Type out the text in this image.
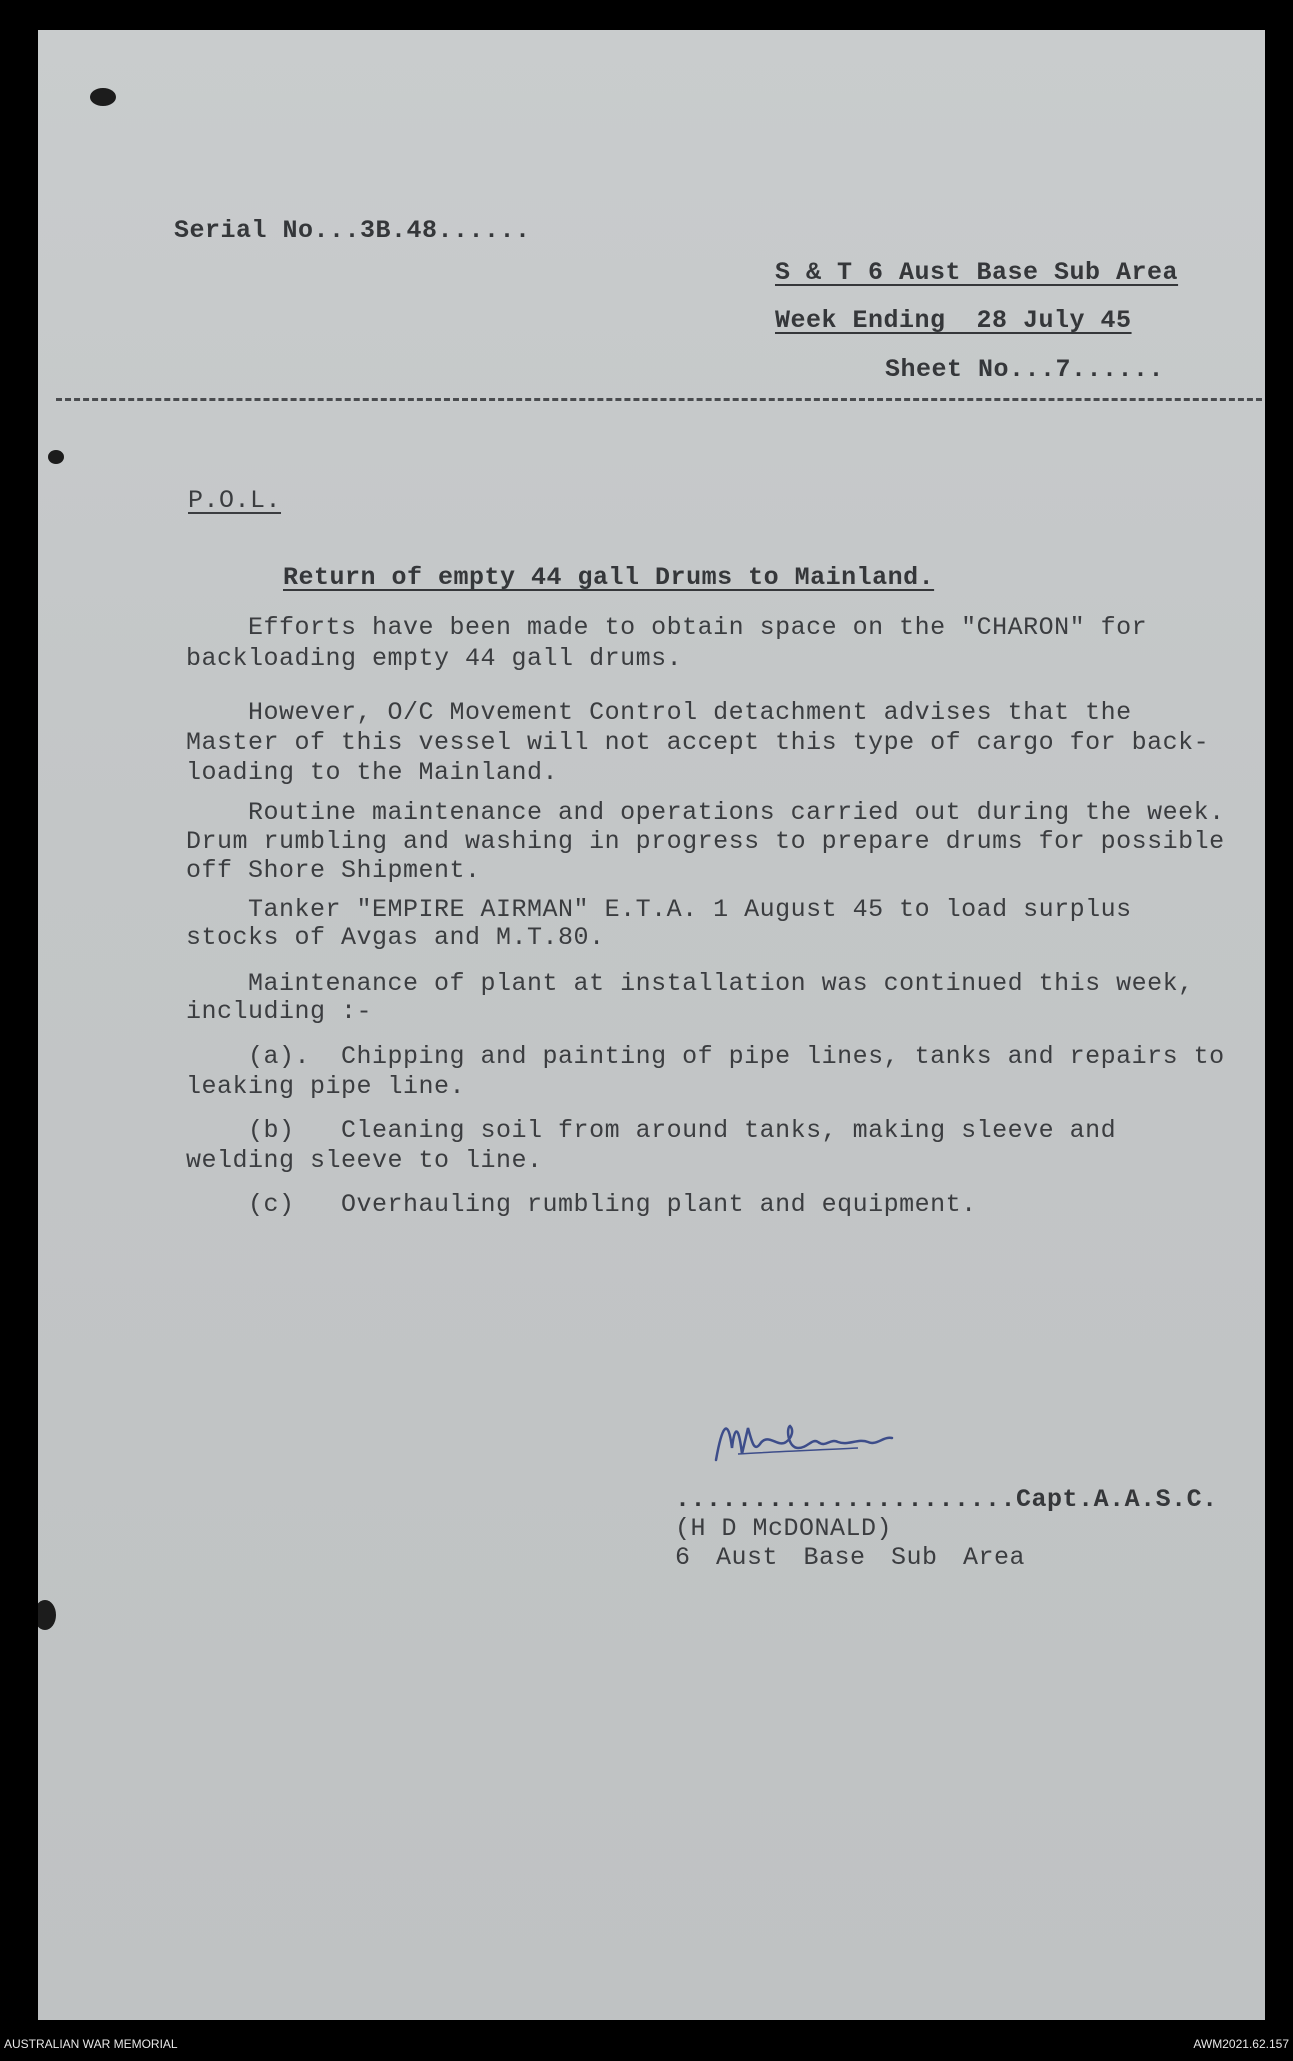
Serial No...3B.48......
S & T 6 Aust Base Sub Area
Week Ending  28 July 45
Sheet No...7......
P.O.L.
Return of empty 44 gall Drums to Mainland.
Efforts have been made to obtain space on the "CHARON" for
backloading empty 44 gall drums.
However, O/C Movement Control detachment advises that the
Master of this vessel will not accept this type of cargo for back-
loading to the Mainland.
Routine maintenance and operations carried out during the week.
Drum rumbling and washing in progress to prepare drums for possible
off Shore Shipment.
Tanker "EMPIRE AIRMAN" E.T.A. 1 August 45 to load surplus
stocks of Avgas and M.T.80.
Maintenance of plant at installation was continued this week,
including :-
(a).  Chipping and painting of pipe lines, tanks and repairs to
leaking pipe line.
(b)   Cleaning soil from around tanks, making sleeve and
welding sleeve to line.
(c)   Overhauling rumbling plant and equipment.
......................Capt.A.A.S.C.
(H D McDONALD)
6 Aust Base Sub Area
AUSTRALIAN WAR MEMORIAL	AWM2021.62.157
